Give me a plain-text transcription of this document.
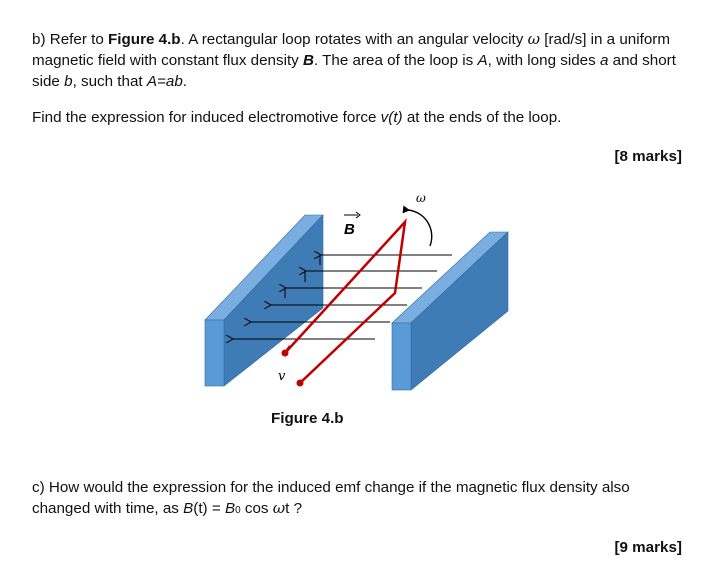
b) Refer to Figure 4.b. A rectangular loop rotates with an angular velocity ω [rad/s] in a uniform magnetic field with constant flux density B. The area of the loop is A, with long sides a and short side b, such that A=ab.
Find the expression for induced electromotive force v(t) at the ends of the loop.
[8 marks]
B
ω
v
Figure 4.b
c) How would the expression for the induced emf change if the magnetic flux density also changed with time, as B(t) = B0 cos ωt ?
[9 marks]
